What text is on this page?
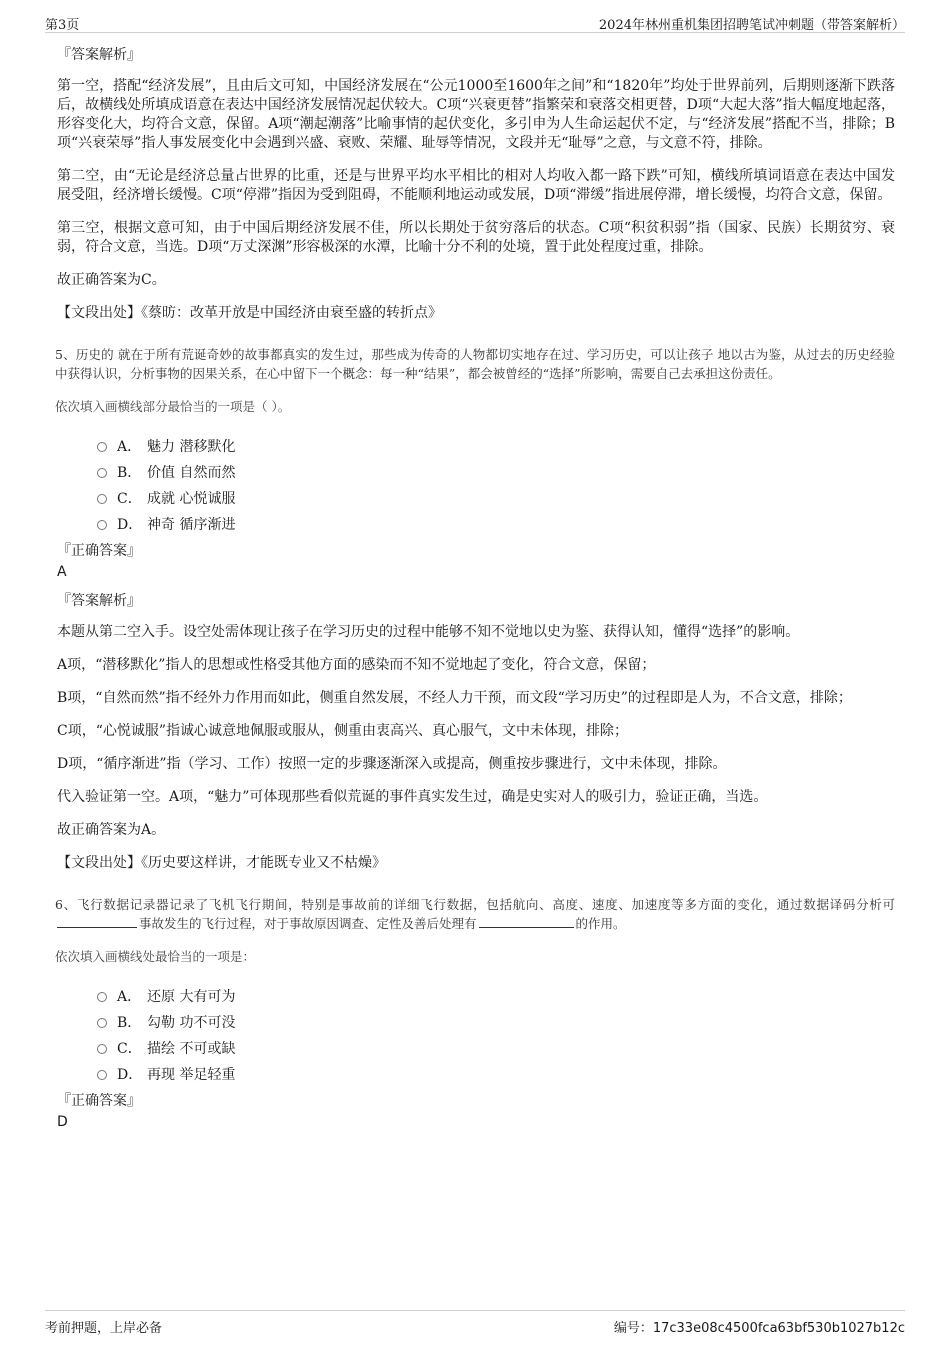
第3页	2024年林州重机集团招聘笔试冲刺题（带答案解析）
『答案解析』

第一空，搭配“经济发展”，且由后文可知，中国经济发展在“公元1000至1600年之间”和“1820年”均处于世界前列，后期则逐渐下跌落后，故横线处所填成语意在表达中国经济发展情况起伏较大。C项“兴衰更替”指繁荣和衰落交相更替，D项“大起大落”指大幅度地起落，形容变化大，均符合文意，保留。A项“潮起潮落”比喻事情的起伏变化，多引申为人生命运起伏不定，与“经济发展”搭配不当，排除；B项“兴衰荣辱”指人事发展变化中会遇到兴盛、衰败、荣耀、耻辱等情况，文段并无“耻辱”之意，与文意不符，排除。

第二空，由“无论是经济总量占世界的比重，还是与世界平均水平相比的相对人均收入都一路下跌”可知，横线所填词语意在表达中国发展受阻，经济增长缓慢。C项“停滞”指因为受到阻碍，不能顺利地运动或发展，D项“滞缓”指进展停滞，增长缓慢，均符合文意，保留。

第三空，根据文意可知，由于中国后期经济发展不佳，所以长期处于贫穷落后的状态。C项“积贫积弱”指（国家、民族）长期贫穷、衰弱，符合文意，当选。D项“万丈深渊”形容极深的水潭，比喻十分不利的处境，置于此处程度过重，排除。

故正确答案为C。

【文段出处】《蔡昉：改革开放是中国经济由衰至盛的转折点》

5、历史的 就在于所有荒诞奇妙的故事都真实的发生过，那些成为传奇的人物都切实地存在过、学习历史，可以让孩子 地以古为鉴，从过去的历史经验中获得认识，分析事物的因果关系，在心中留下一个概念：每一种“结果”，都会被曾经的“选择”所影响，需要自己去承担这份责任。

依次填入画横线部分最恰当的一项是（ ）。

A． 魅力 潜移默化
B． 价值 自然而然
C． 成就 心悦诚服
D． 神奇 循序渐进
『正确答案』
A
『答案解析』

本题从第二空入手。设空处需体现让孩子在学习历史的过程中能够不知不觉地以史为鉴、获得认知，懂得“选择”的影响。

A项，“潜移默化”指人的思想或性格受其他方面的感染而不知不觉地起了变化，符合文意，保留；

B项，“自然而然”指不经外力作用而如此，侧重自然发展，不经人力干预，而文段“学习历史”的过程即是人为，不合文意，排除；

C项，“心悦诚服”指诚心诚意地佩服或服从，侧重由衷高兴、真心服气，文中未体现，排除；

D项，“循序渐进”指（学习、工作）按照一定的步骤逐渐深入或提高，侧重按步骤进行，文中未体现，排除。

代入验证第一空。A项，“魅力”可体现那些看似荒诞的事件真实发生过，确是史实对人的吸引力，验证正确，当选。

故正确答案为A。

【文段出处】《历史要这样讲，才能既专业又不枯燥》

6、飞行数据记录器记录了飞机飞行期间，特别是事故前的详细飞行数据，包括航向、高度、速度、加速度等多方面的变化，通过数据译码分析可事故发生的飞行过程，对于事故原因调查、定性及善后处理有	的作用。

依次填入画横线处最恰当的一项是：

A． 还原 大有可为
B． 勾勒 功不可没
C． 描绘 不可或缺
D． 再现 举足轻重
『正确答案』
D
考前押题，上岸必备	编号：17c33e08c4500fca63bf530b1027b12c
